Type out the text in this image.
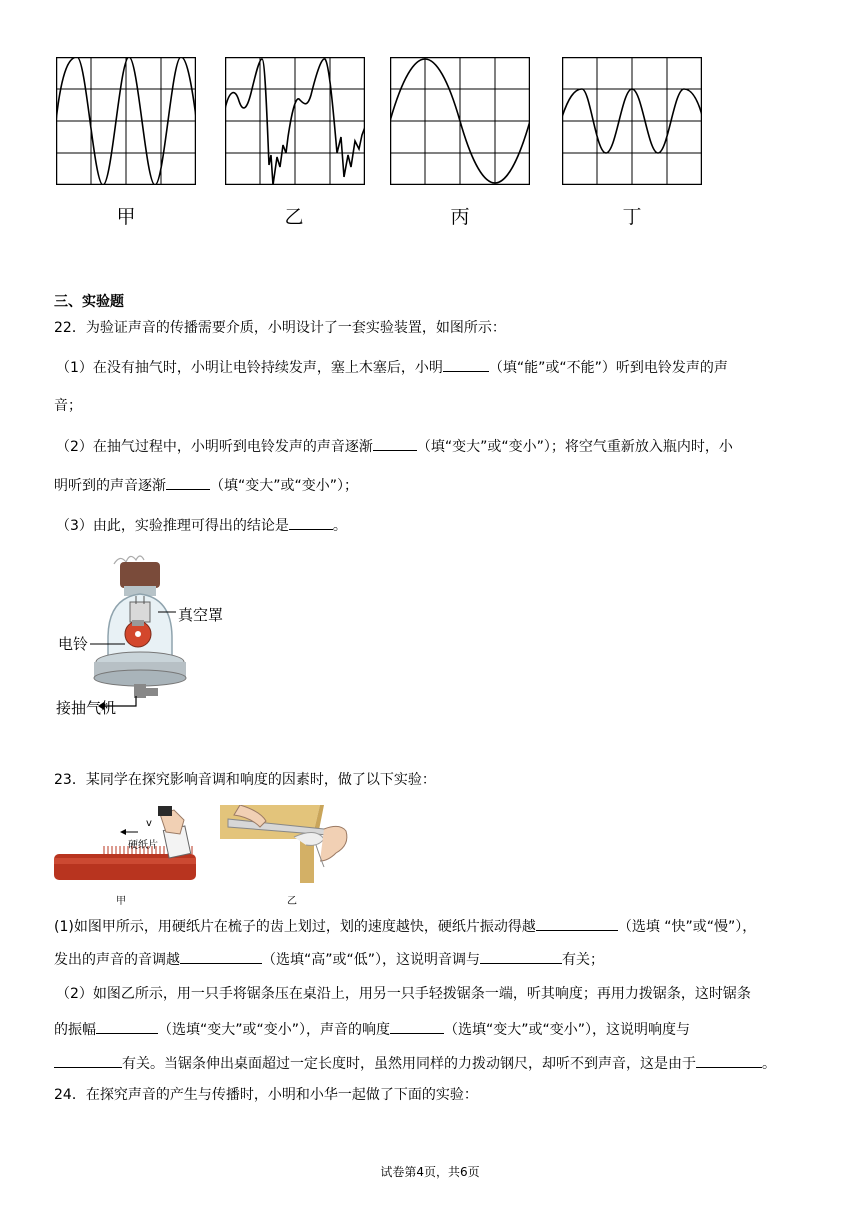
甲	乙	丙	丁
三、实验题
22．为验证声音的传播需要介质，小明设计了一套实验装置，如图所示：
（1）在没有抽气时，小明让电铃持续发声，塞上木塞后，小明	（填“能”或“不能”）听到电铃发声的声
音；
（2）在抽气过程中，小明听到电铃发声的声音逐渐	（填“变大”或“变小”）；将空气重新放入瓶内时，小
明听到的声音逐渐	（填“变大”或“变小”）；
（3）由此，实验推理可得出的结论是	。
真空罩
电铃
接抽气机
23．某同学在探究影响音调和响度的因素时，做了以下实验：
硬纸片
v
甲	乙
(1)如图甲所示，用硬纸片在梳子的齿上划过，划的速度越快，硬纸片振动得越	（选填 “快”或“慢”），
发出的声音的音调越	（选填“高”或“低”），这说明音调与	有关；
（2）如图乙所示，用一只手将锯条压在桌沿上，用另一只手轻拨锯条一端，听其响度；再用力拨锯条，这时锯条
的振幅	（选填“变大”或“变小”），声音的响度	（选填“变大”或“变小”），这说明响度与
有关。当锯条伸出桌面超过一定长度时，虽然用同样的力拨动钢尺，却听不到声音，这是由于	。
24．在探究声音的产生与传播时，小明和小华一起做了下面的实验：
试卷第4页，共6页
